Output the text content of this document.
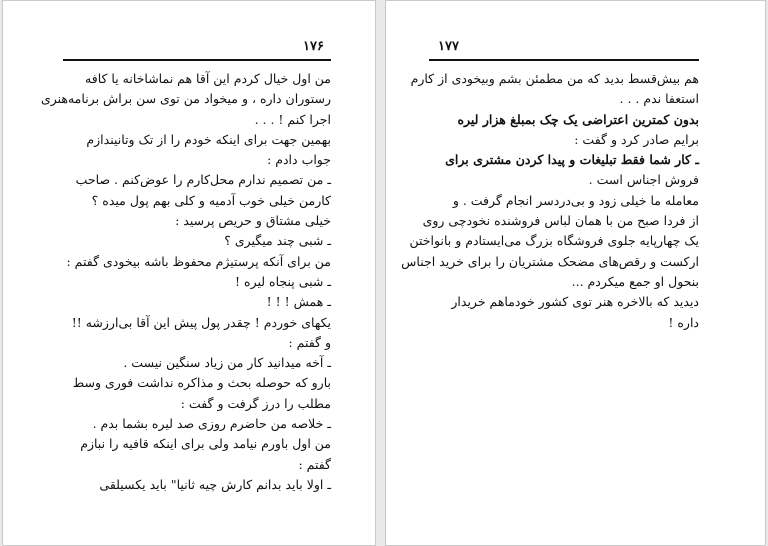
۱۷۶
من اول خیال کردم این آقا هم نماشاخانه یا کافه
رستوران داره ، و میخواد من توی سن براش برنامه‌هنری
اجرا کنم ! . . .
بهمین جهت برای اینکه خودم را از تک وتانیندازم
جواب دادم :
ـ من تصمیم ندارم محل‌کارم را عوض‌کنم . صاحب
کارمن خیلی خوب آدمیه و کلی بهم پول میده ؟
خیلی مشتاق و حریص پرسید :
ـ شبی چند میگیری ؟
من برای آنکه پرستیژم محفوظ باشه بیخودی گفتم :
ـ شبی پنجاه لیره !
ـ همش ! ! !
یکهای خوردم ! چقدر پول پیش این آقا بی‌ارزشه !!
و گفتم :
ـ آخه میدانید کار من زیاد سنگین نیست .
بارو که حوصله بحث و مذاکره نداشت فوری وسط
مطلب را درز گرفت و گفت :
ـ خلاصه من حاضرم روزی صد لیره بشما بدم .
من اول باورم نیامد ولی برای اینکه قافیه را نبازم
گفتم :
ـ اولا باید بدانم کارش چیه ثانیا" باید یکسیلقی
۱۷۷
هم بیش‌قسط بدید که من مطمئن بشم وبیخودی از کارم
استعفا ندم . . .
بدون کمترین اعتراضی یک چک بمبلغ هزار لیره
برایم صادر کرد و گفت :
ـ کار شما فقط تبلیغات و پیدا کردن مشتری برای
فروش اجناس است .
معامله ما خیلی زود و بی‌دردسر انجام گرفت . و
از فردا صبح من با همان لباس فروشنده نخودچی روی
یک چهارپایه جلوی فروشگاه بزرگ می‌ایستادم و بانواختن
ارکست و رقص‌های مضحک مشتریان را برای خرید اجناس
بنحول او جمع میکردم ...
دیدید که بالاخره هنر توی کشور خودماهم خریدار
داره !
